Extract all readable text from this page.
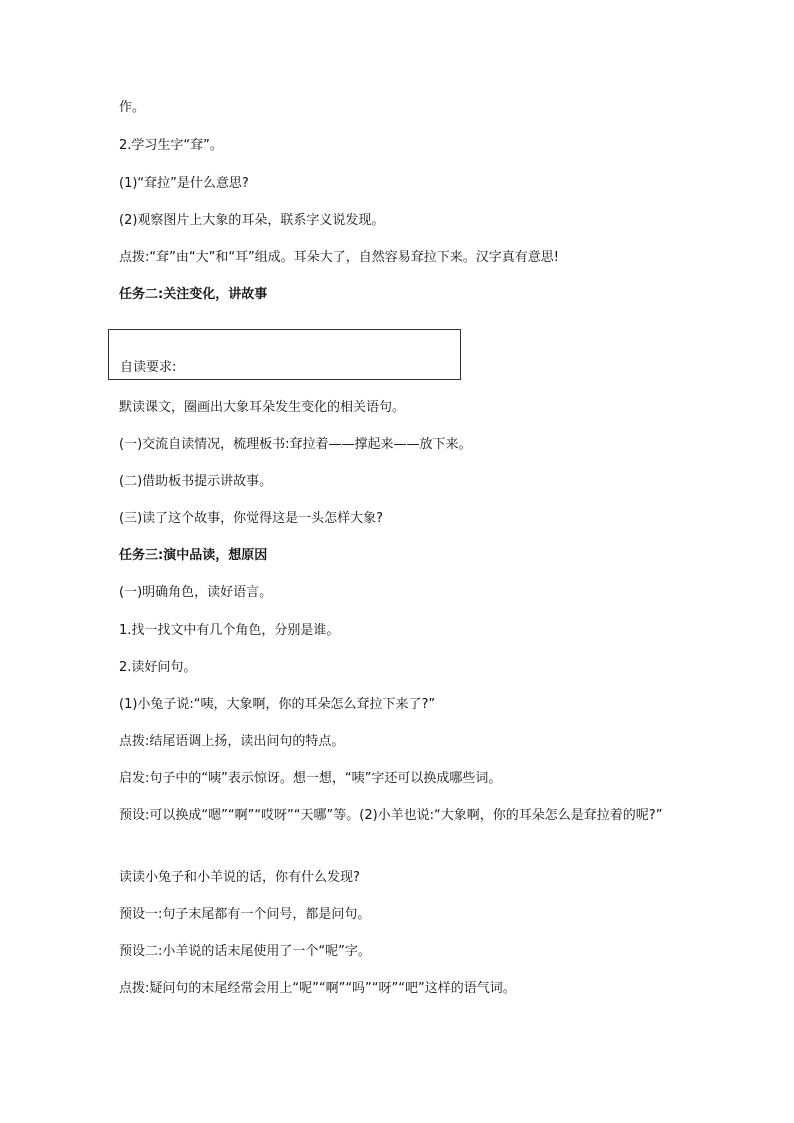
作。
2.学习生字“耷”。
(1)“耷拉”是什么意思?
(2)观察图片上大象的耳朵，联系字义说发现。
点拨:“耷”由“大”和“耳”组成。耳朵大了，自然容易耷拉下来。汉字真有意思!
任务二:关注变化，讲故事
自读要求:
默读课文，圈画出大象耳朵发生变化的相关语句。
(一)交流自读情况，梳理板书:耷拉着——撑起来——放下来。
(二)借助板书提示讲故事。
(三)读了这个故事，你觉得这是一头怎样大象?
任务三:演中品读，想原因
(一)明确角色，读好语言。
1.找一找文中有几个角色，分别是谁。
2.读好问句。
(1)小兔子说:“咦，大象啊，你的耳朵怎么耷拉下来了?”
点拨:结尾语调上扬，读出问句的特点。
启发:句子中的“咦”表示惊讶。想一想，“咦”字还可以换成哪些词。
预设:可以换成“嗯”“啊”“哎呀”“天哪”等。(2)小羊也说:“大象啊，你的耳朵怎么是耷拉着的呢?”
读读小兔子和小羊说的话，你有什么发现?
预设一:句子末尾都有一个问号，都是问句。
预设二:小羊说的话末尾使用了一个“呢”字。
点拨:疑问句的末尾经常会用上“呢”“啊”“吗”“呀”“吧”这样的语气词。
